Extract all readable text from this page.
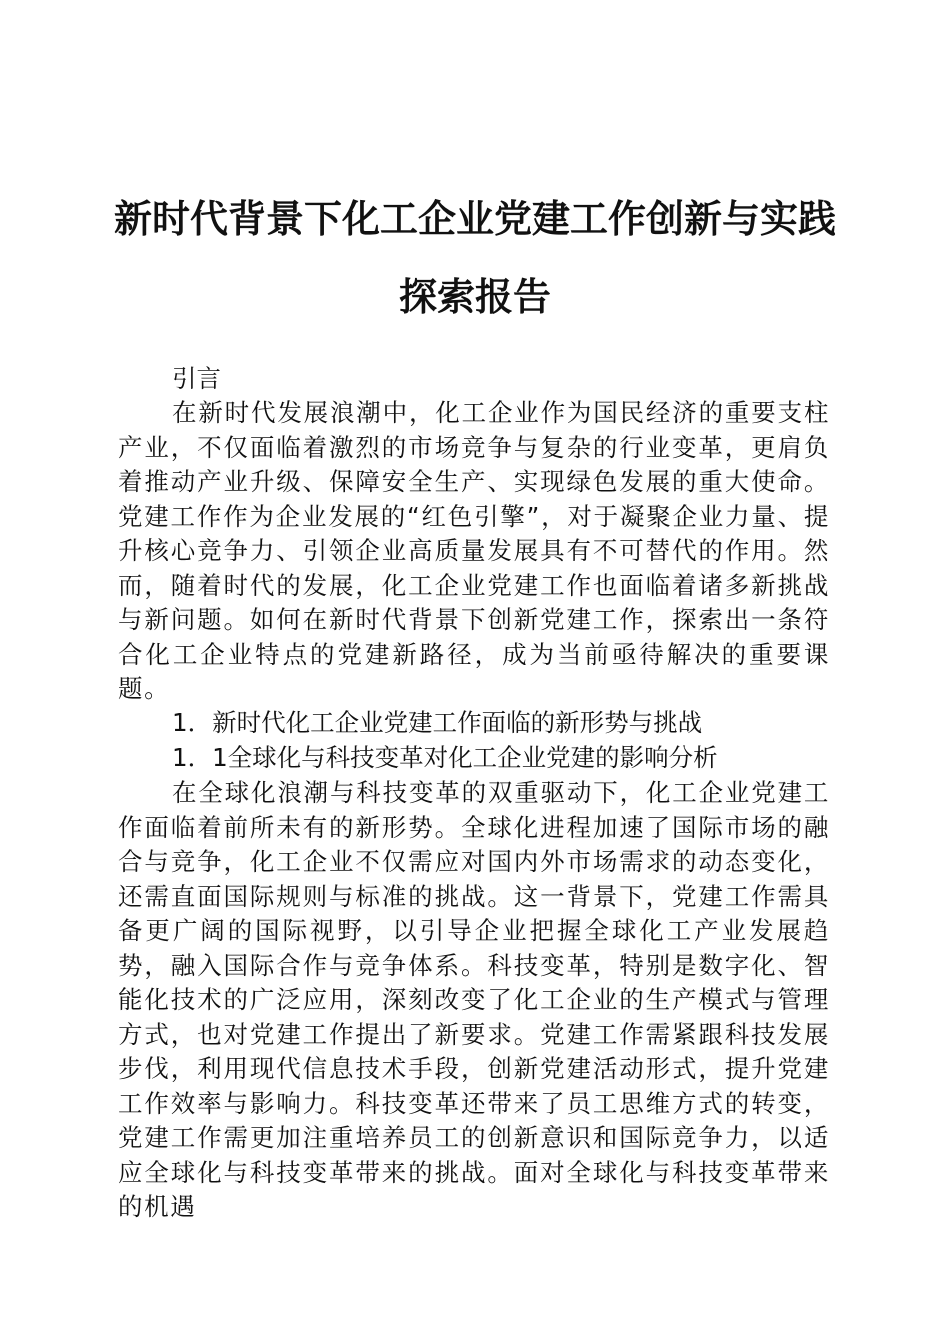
新时代背景下化工企业党建工作创新与实践探索报告

引言

在新时代发展浪潮中，化工企业作为国民经济的重要支柱产业，不仅面临着激烈的市场竞争与复杂的行业变革，更肩负着推动产业升级、保障安全生产、实现绿色发展的重大使命。党建工作作为企业发展的“红色引擎”，对于凝聚企业力量、提升核心竞争力、引领企业高质量发展具有不可替代的作用。然而，随着时代的发展，化工企业党建工作也面临着诸多新挑战与新问题。如何在新时代背景下创新党建工作，探索出一条符合化工企业特点的党建新路径，成为当前亟待解决的重要课题。

1．新时代化工企业党建工作面临的新形势与挑战

1．1全球化与科技变革对化工企业党建的影响分析

在全球化浪潮与科技变革的双重驱动下，化工企业党建工作面临着前所未有的新形势。全球化进程加速了国际市场的融合与竞争，化工企业不仅需应对国内外市场需求的动态变化，还需直面国际规则与标准的挑战。这一背景下，党建工作需具备更广阔的国际视野，以引导企业把握全球化工产业发展趋势，融入国际合作与竞争体系。科技变革，特别是数字化、智能化技术的广泛应用，深刻改变了化工企业的生产模式与管理方式，也对党建工作提出了新要求。党建工作需紧跟科技发展步伐，利用现代信息技术手段，创新党建活动形式，提升党建工作效率与影响力。科技变革还带来了员工思维方式的转变，党建工作需更加注重培养员工的创新意识和国际竞争力，以适应全球化与科技变革带来的挑战。面对全球化与科技变革带来的机遇
